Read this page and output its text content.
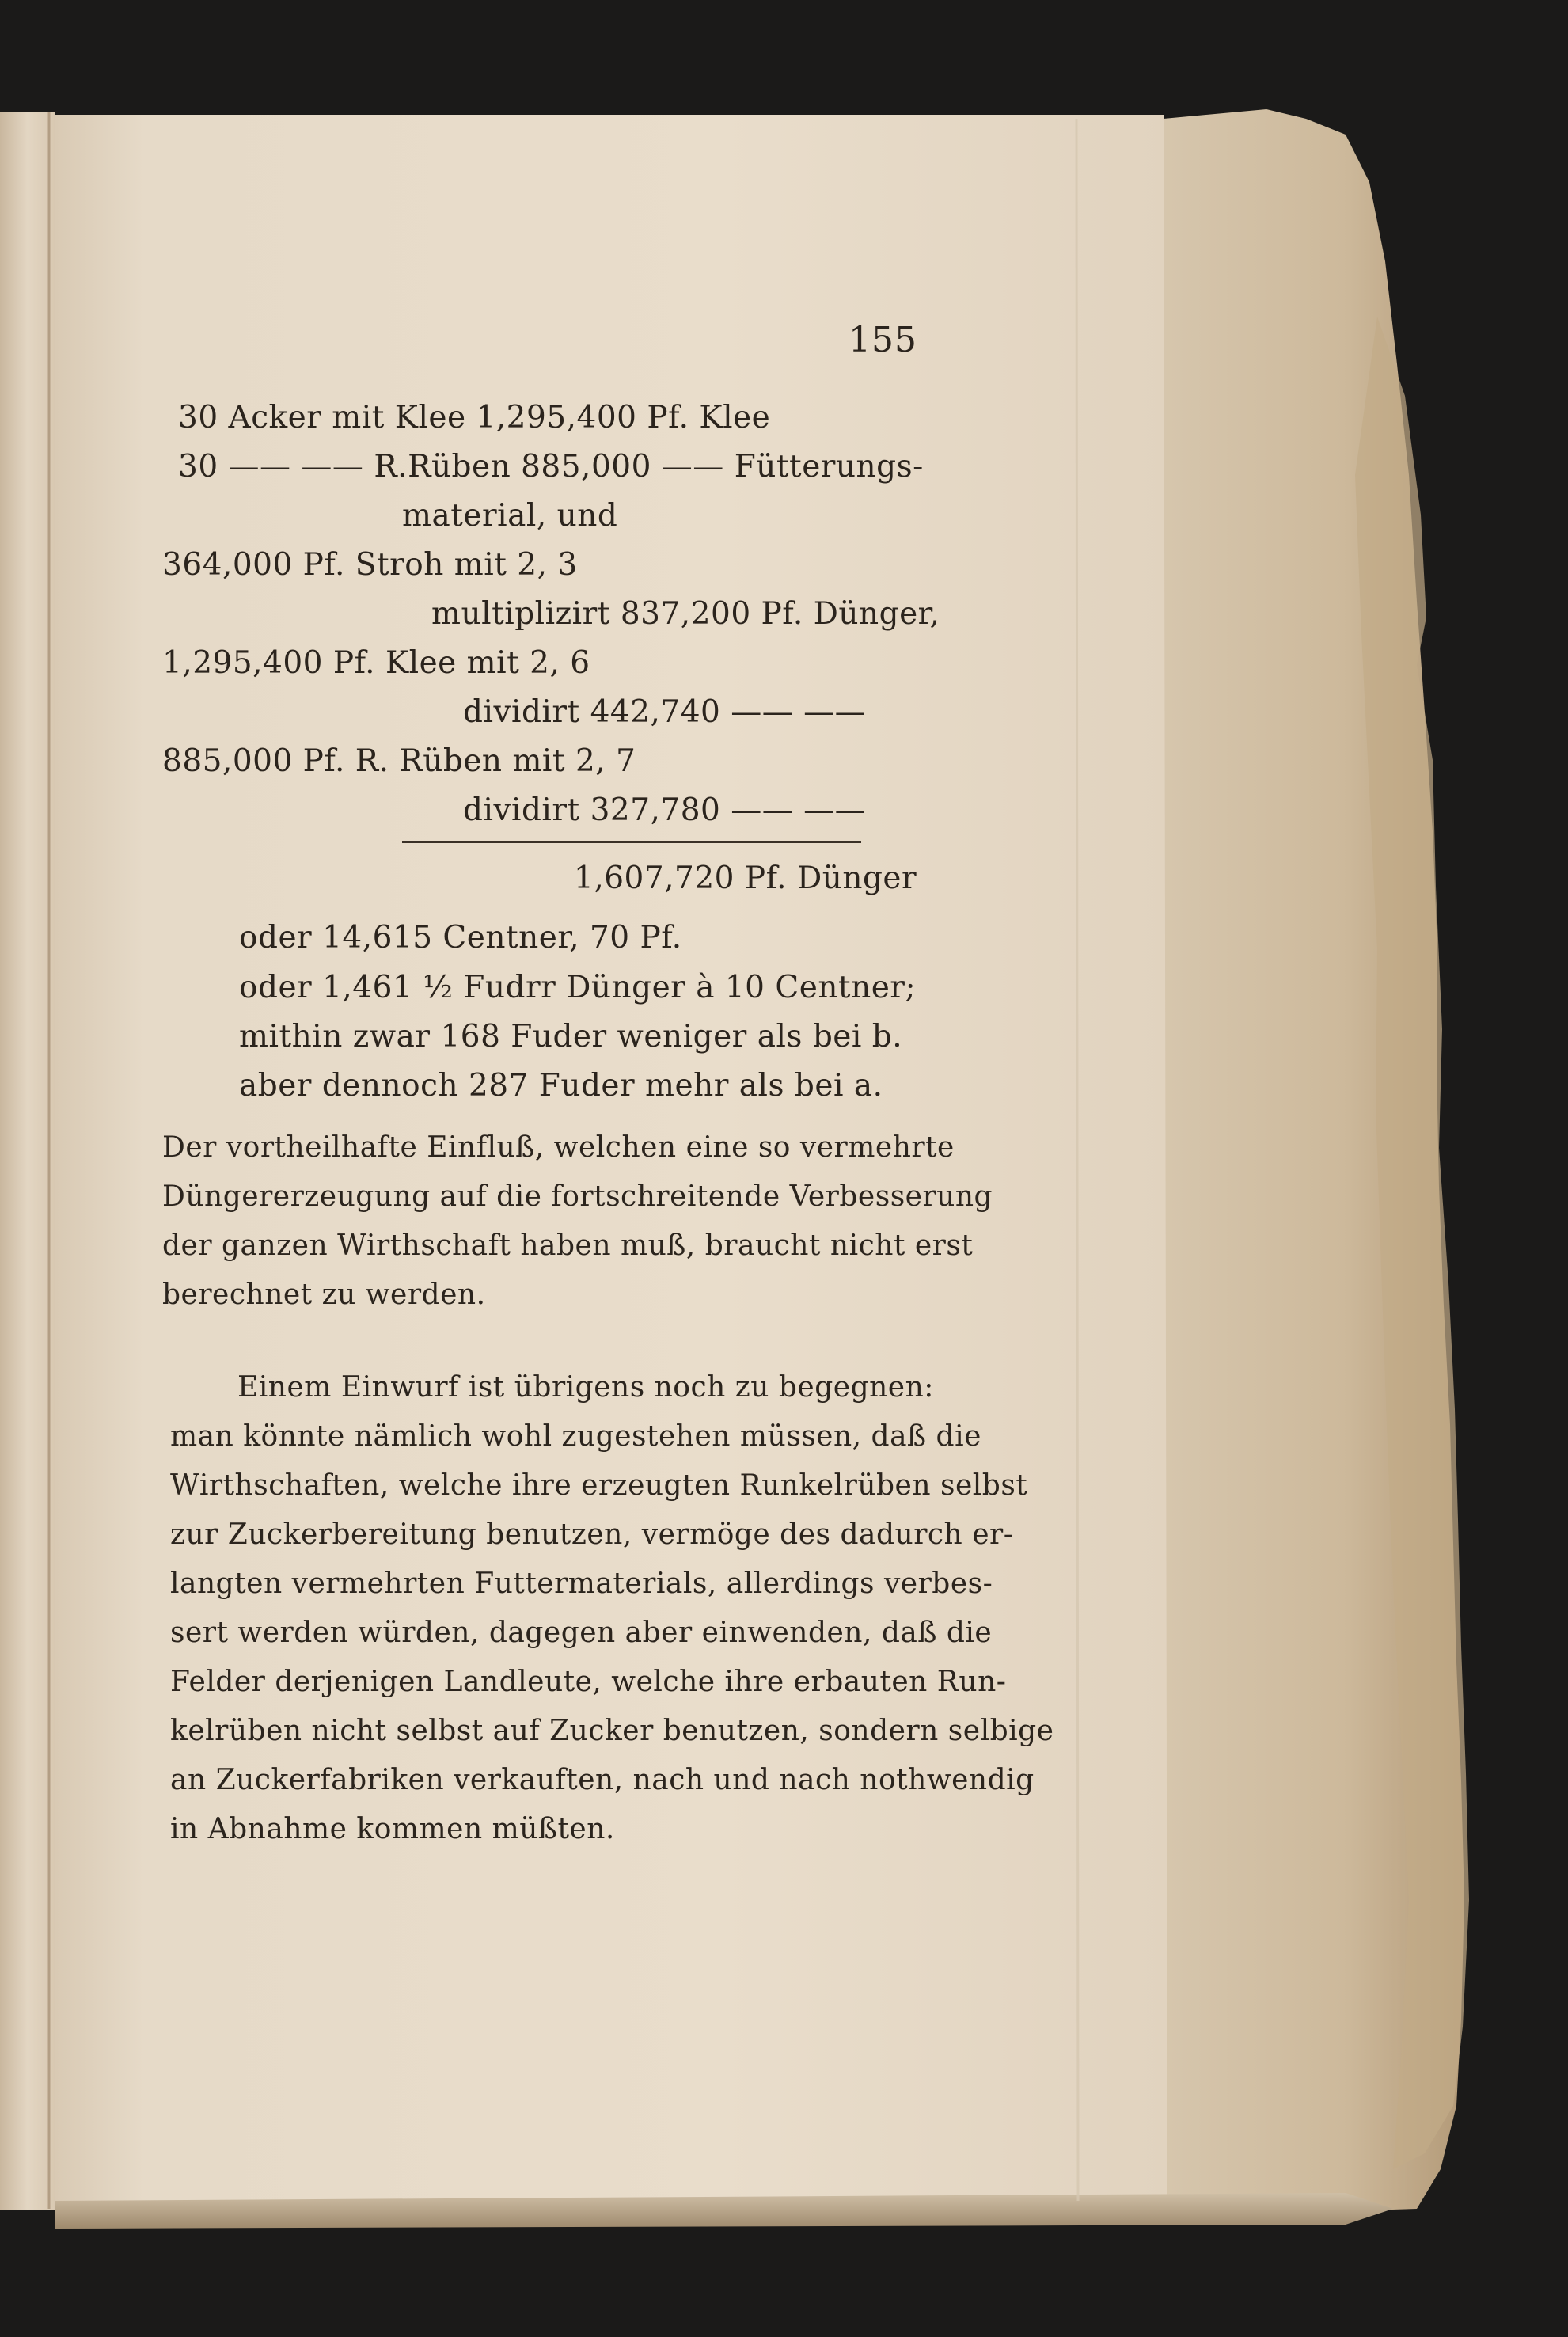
155
30 Acker mit Klee 1,295,400 Pf. Klee
30 —— —— R.Rüben 885,000 —— Fütterungs-
material, und
364,000 Pf. Stroh mit 2, 3
multiplizirt 837,200 Pf. Dünger,
1,295,400 Pf. Klee mit 2, 6
dividirt 442,740 —— ——
885,000 Pf. R. Rüben mit 2, 7
dividirt 327,780 —— ——
1,607,720 Pf. Dünger
oder 14,615 Centner, 70 Pf.
oder 1,461 ½ Fudrr Dünger à 10 Centner;
mithin zwar 168 Fuder weniger als bei b.
aber dennoch 287 Fuder mehr als bei a.
Der vortheilhafte Einfluß, welchen eine so vermehrte
Düngererzeugung auf die fortschreitende Verbesserung
der ganzen Wirthschaft haben muß, braucht nicht erst
berechnet zu werden.
Einem Einwurf ist übrigens noch zu begegnen:
man könnte nämlich wohl zugestehen müssen, daß die
Wirthschaften, welche ihre erzeugten Runkelrüben selbst
zur Zuckerbereitung benutzen, vermöge des dadurch er-
langten vermehrten Futtermaterials, allerdings verbes-
sert werden würden, dagegen aber einwenden, daß die
Felder derjenigen Landleute, welche ihre erbauten Run-
kelrüben nicht selbst auf Zucker benutzen, sondern selbige
an Zuckerfabriken verkauften, nach und nach nothwendig
in Abnahme kommen müßten.
